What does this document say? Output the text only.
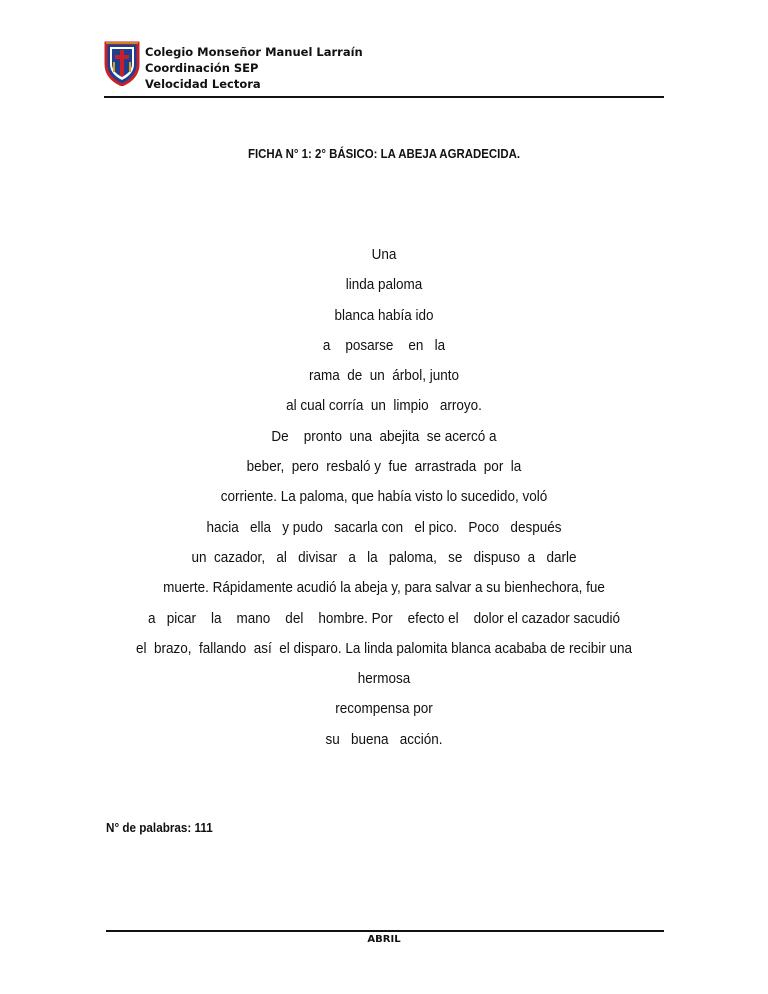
Colegio Monseñor Manuel Larraín
Coordinación SEP
Velocidad Lectora
FICHA N° 1: 2° BÁSICO: LA ABEJA AGRADECIDA.
Una
linda paloma
blanca había ido
a    posarse    en   la
rama  de  un  árbol, junto
al cual corría  un  limpio   arroyo.
De    pronto  una  abejita  se acercó a
beber,  pero  resbaló y  fue  arrastrada  por  la
corriente. La paloma, que había visto lo sucedido, voló
hacia   ella   y pudo   sacarla con   el pico.   Poco   después
un  cazador,   al   divisar   a   la   paloma,   se   dispuso  a   darle
muerte. Rápidamente acudió la abeja y, para salvar a su bienhechora, fue
a   picar    la    mano    del    hombre. Por    efecto el    dolor el cazador sacudió
el  brazo,  fallando  así  el disparo. La linda palomita blanca acababa de recibir una
hermosa
recompensa por
su   buena   acción.
N° de palabras: 111
ABRIL
